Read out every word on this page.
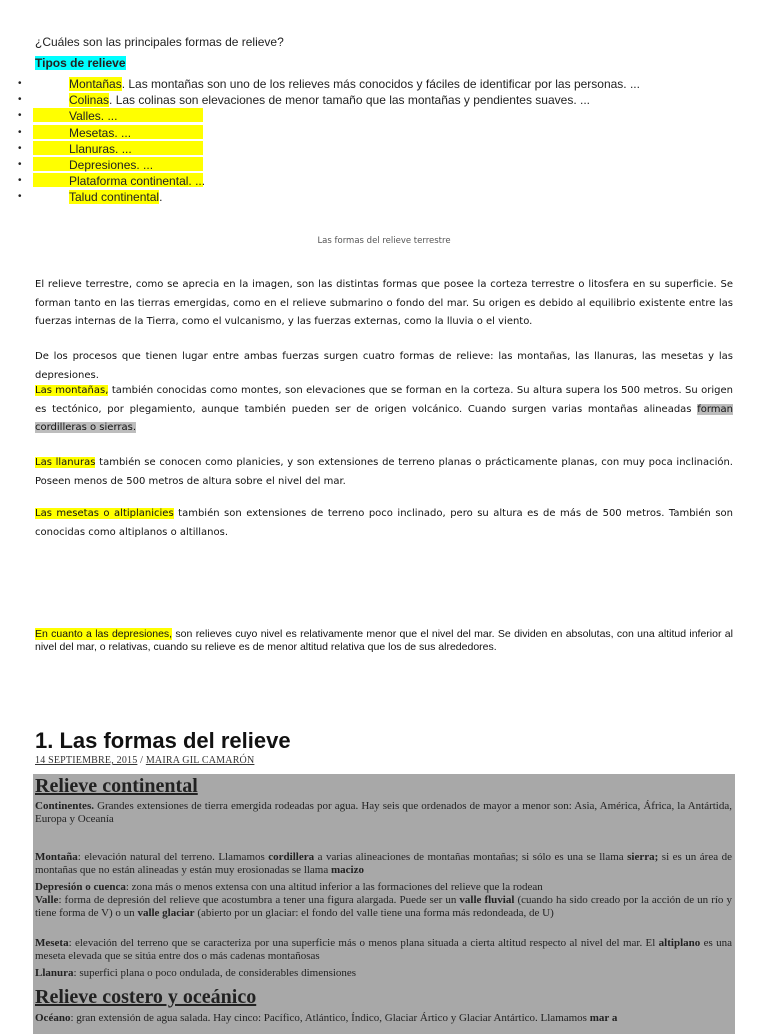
¿Cuáles son las principales formas de relieve?
Tipos de relieve
•	Montañas. Las montañas son uno de los relieves más conocidos y fáciles de identificar por las personas. ...
•	Colinas. Las colinas son elevaciones de menor tamaño que las montañas y pendientes suaves. ...
•	Valles. ...
•	Mesetas. ...
•	Llanuras. ...
•	Depresiones. ...
•	Plataforma continental. ...
•	Talud continental.
Las formas del relieve terrestre

El relieve terrestre, como se aprecia en la imagen, son las distintas formas que posee la corteza terrestre o litosfera en su superficie. Se forman tanto en las tierras emergidas, como en el relieve submarino o fondo del mar. Su origen es debido al equilibrio existente entre las fuerzas internas de la Tierra, como el vulcanismo, y las fuerzas externas, como la lluvia o el viento.

De los procesos que tienen lugar entre ambas fuerzas surgen cuatro formas de relieve: las montañas, las llanuras, las mesetas y las depresiones.

Las montañas, también conocidas como montes, son elevaciones que se forman en la corteza. Su altura supera los 500 metros. Su origen es tectónico, por plegamiento, aunque también pueden ser de origen volcánico. Cuando surgen varias montañas alineadas forman cordilleras o sierras.

Las llanuras también se conocen como planicies, y son extensiones de terreno planas o prácticamente planas, con muy poca inclinación. Poseen menos de 500 metros de altura sobre el nivel del mar.

Las mesetas o altiplanicies también son extensiones de terreno poco inclinado, pero su altura es de más de 500 metros. También son conocidas como altiplanos o altillanos.

En cuanto a las depresiones, son relieves cuyo nivel es relativamente menor que el nivel del mar. Se dividen en absolutas, con una altitud inferior al nivel del mar, o relativas, cuando su relieve es de menor altitud relativa que los de sus alrededores.

1. Las formas del relieve
14 SEPTIEMBRE, 2015 / MAIRA GIL CAMARÓN
Relieve continental
Continentes. Grandes extensiones de tierra emergida rodeadas por agua. Hay seis que ordenados de mayor a menor son: Asia, América, África, la Antártida, Europa y Oceanía
Montaña: elevación natural del terreno. Llamamos cordillera a varias alineaciones de montañas montañas; si sólo es una se llama sierra; si es un área de montañas que no están alineadas y están muy erosionadas se llama macizo
Depresión o cuenca: zona más o menos extensa con una altitud inferior a las formaciones del relieve que la rodean
Valle: forma de depresión del relieve que acostumbra a tener una figura alargada. Puede ser un valle fluvial (cuando ha sido creado por la acción de un río y tiene forma de V) o un valle glaciar (abierto por un glaciar: el fondo del valle tiene una forma más redondeada, de U)
Meseta: elevación del terreno que se caracteriza por una superficie más o menos plana situada a cierta altitud respecto al nivel del mar. El altiplano es una meseta elevada que se sitúa entre dos o más cadenas montañosas
Llanura: superfici plana o poco ondulada, de considerables dimensiones
Relieve costero y oceánico
Océano: gran extensión de agua salada. Hay cinco: Pacífico, Atlántico, Índico, Glaciar Ártico y Glaciar Antártico. Llamamos mar a
